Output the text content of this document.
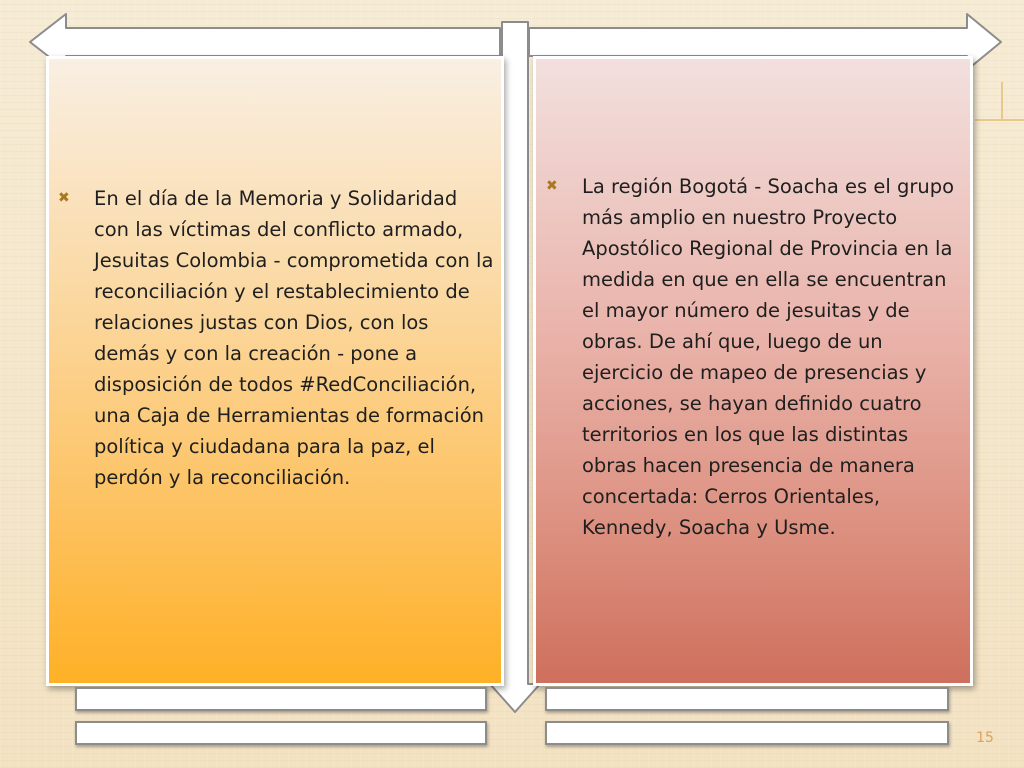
✖ En el día de la Memoria y Solidaridad con las víctimas del conflicto armado, Jesuitas Colombia - comprometida con la reconciliación y el restablecimiento de relaciones justas con Dios, con los demás y con la creación - pone a disposición de todos #RedConciliación, una Caja de Herramientas de formación política y ciudadana para la paz, el perdón y la reconciliación.
✖ La región Bogotá - Soacha es el grupo más amplio en nuestro Proyecto Apostólico Regional de Provincia en la medida en que en ella se encuentran el mayor número de jesuitas y de obras. De ahí que, luego de un ejercicio de mapeo de presencias y acciones, se hayan definido cuatro territorios en los que las distintas obras hacen presencia de manera concertada: Cerros Orientales, Kennedy, Soacha y Usme.
15
